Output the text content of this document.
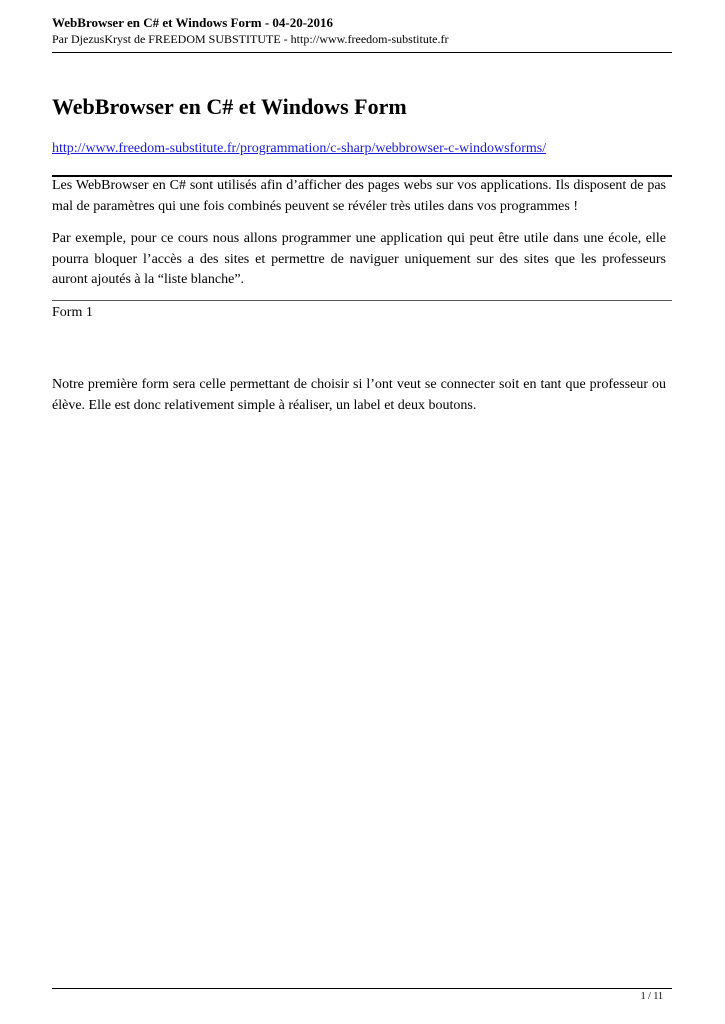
WebBrowser en C# et Windows Form - 04-20-2016
Par DjezusKryst de FREEDOM SUBSTITUTE - http://www.freedom-substitute.fr
WebBrowser en C# et Windows Form
http://www.freedom-substitute.fr/programmation/c-sharp/webbrowser-c-windowsforms/

Les WebBrowser en C# sont utilisés afin d’afficher des pages webs sur vos applications. Ils disposent de pas mal de paramètres qui une fois combinés peuvent se révéler très utiles dans vos programmes !

Par exemple, pour ce cours nous allons programmer une application qui peut être utile dans une école, elle pourra bloquer l’accès a des sites et permettre de naviguer uniquement sur des sites que les professeurs auront ajoutés à la “liste blanche”.

Form 1

Notre première form sera celle permettant de choisir si l’ont veut se connecter soit en tant que professeur ou élève. Elle est donc relativement simple à réaliser, un label et deux boutons.

1 / 11
